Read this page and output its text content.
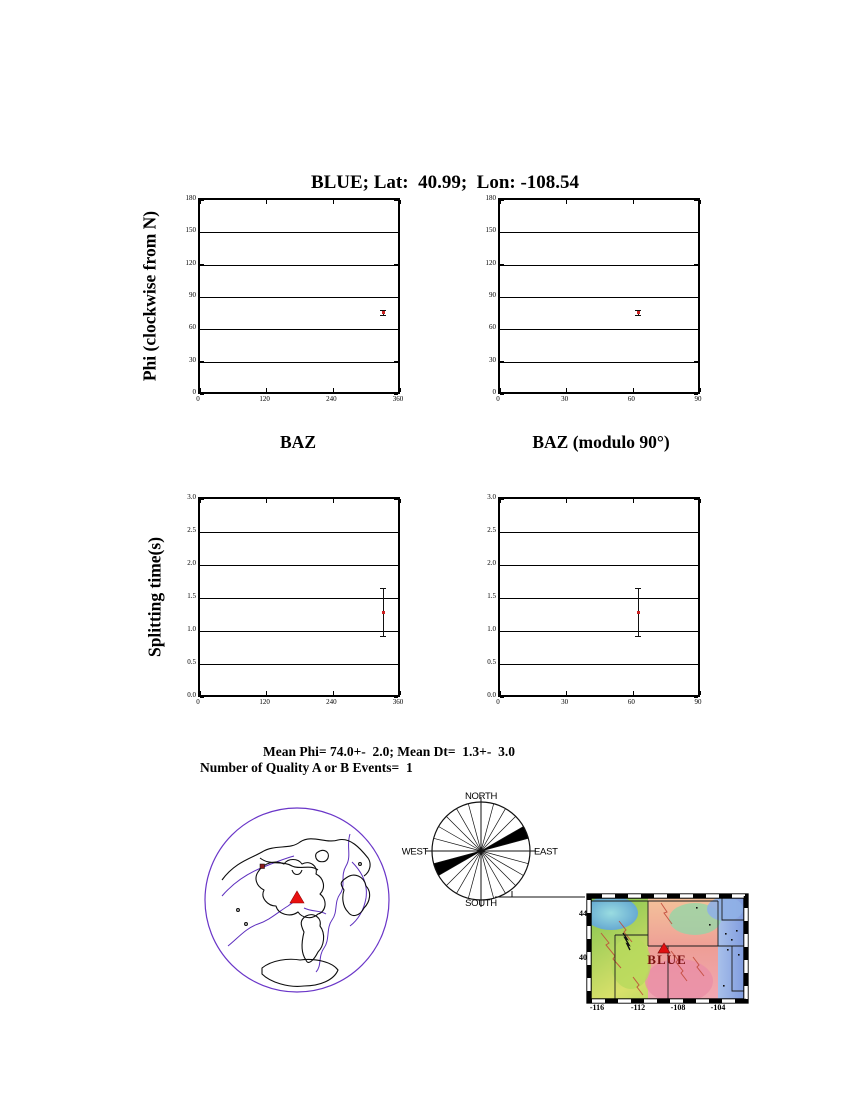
BLUE; Lat:  40.99;  Lon: -108.54
Phi (clockwise from N)
Splitting time(s)
BAZ	BAZ (modulo 90°)
0	120	240	360
0
30
60
90
120
150
180
0	30	60	90
0
30
60
90
120
150
180
0	120	240	360
0.0
0.5
1.0
1.5
2.0
2.5
3.0
0	30	60	90
0.0
0.5
1.0
1.5
2.0
2.5
3.0
Mean Phi= 74.0+-  2.0; Mean Dt=  1.3+-  3.0
Number of Quality A or B Events=  1
NORTH
SOUTH
WEST	EAST
BLUE
44
40
-116	-112	-108	-104
